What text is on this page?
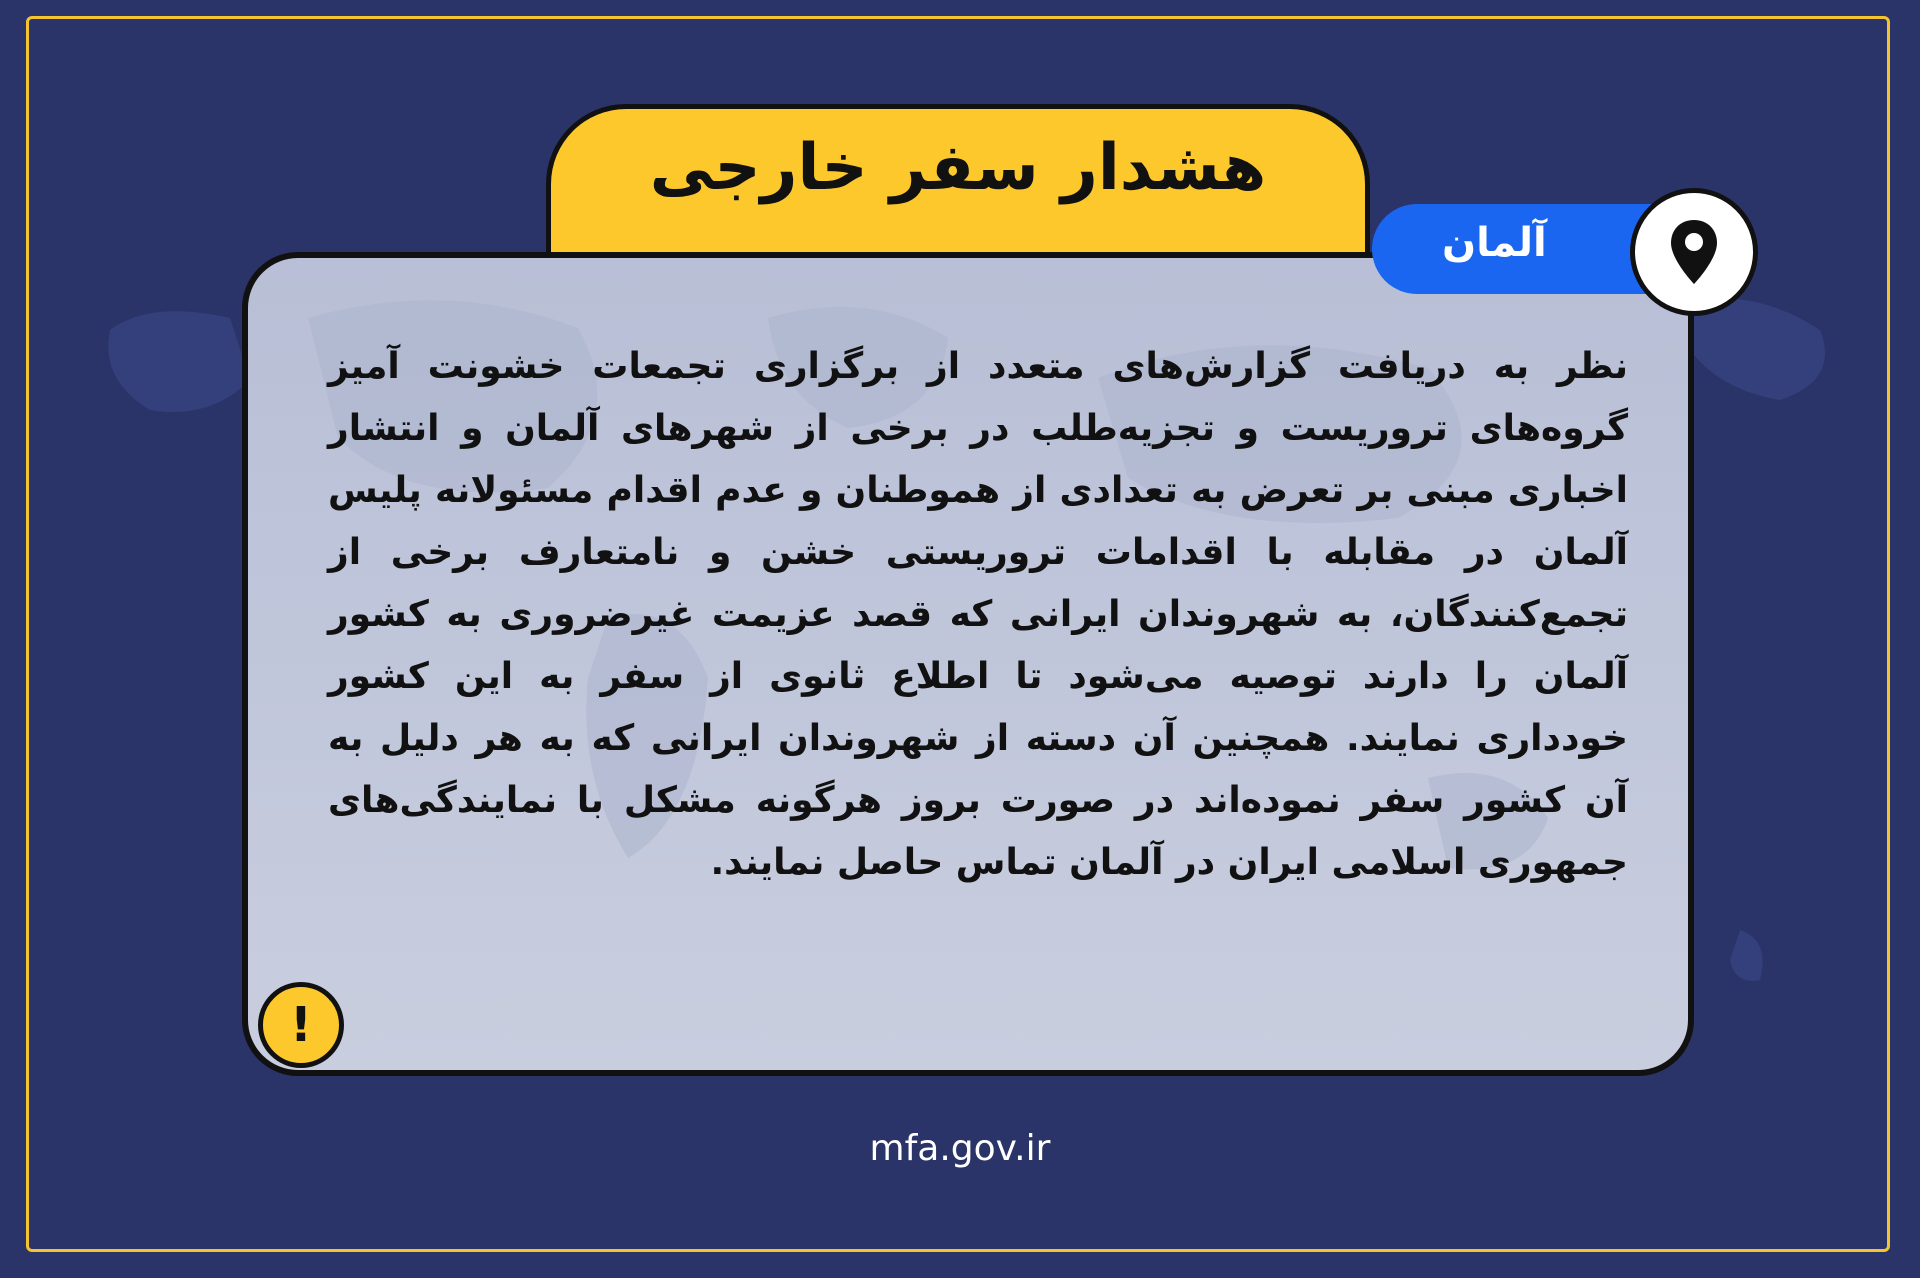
هشدار سفر خارجی
نظر به دریافت گزارش‌های متعدد از برگزاری تجمعات خشونت آمیز گروه‌های تروریست و تجزیه‌طلب در برخی از شهرهای آلمان و انتشار اخباری مبنی بر تعرض به تعدادی از هموطنان و عدم اقدام مسئولانه پلیس آلمان در مقابله با اقدامات تروریستی خشن و نامتعارف برخی از تجمع‌کنندگان، به شهروندان ایرانی که قصد عزیمت غیرضروری به کشور آلمان را دارند توصیه می‌شود تا اطلاع ثانوی از سفر به این کشور خودداری نمایند. همچنین آن دسته از شهروندان ایرانی که به هر دلیل به آن کشور سفر نموده‌اند در صورت بروز هرگونه مشکل با نمایندگی‌های جمهوری اسلامی ایران در آلمان تماس حاصل نمایند.
آلمان
!
mfa.gov.ir
